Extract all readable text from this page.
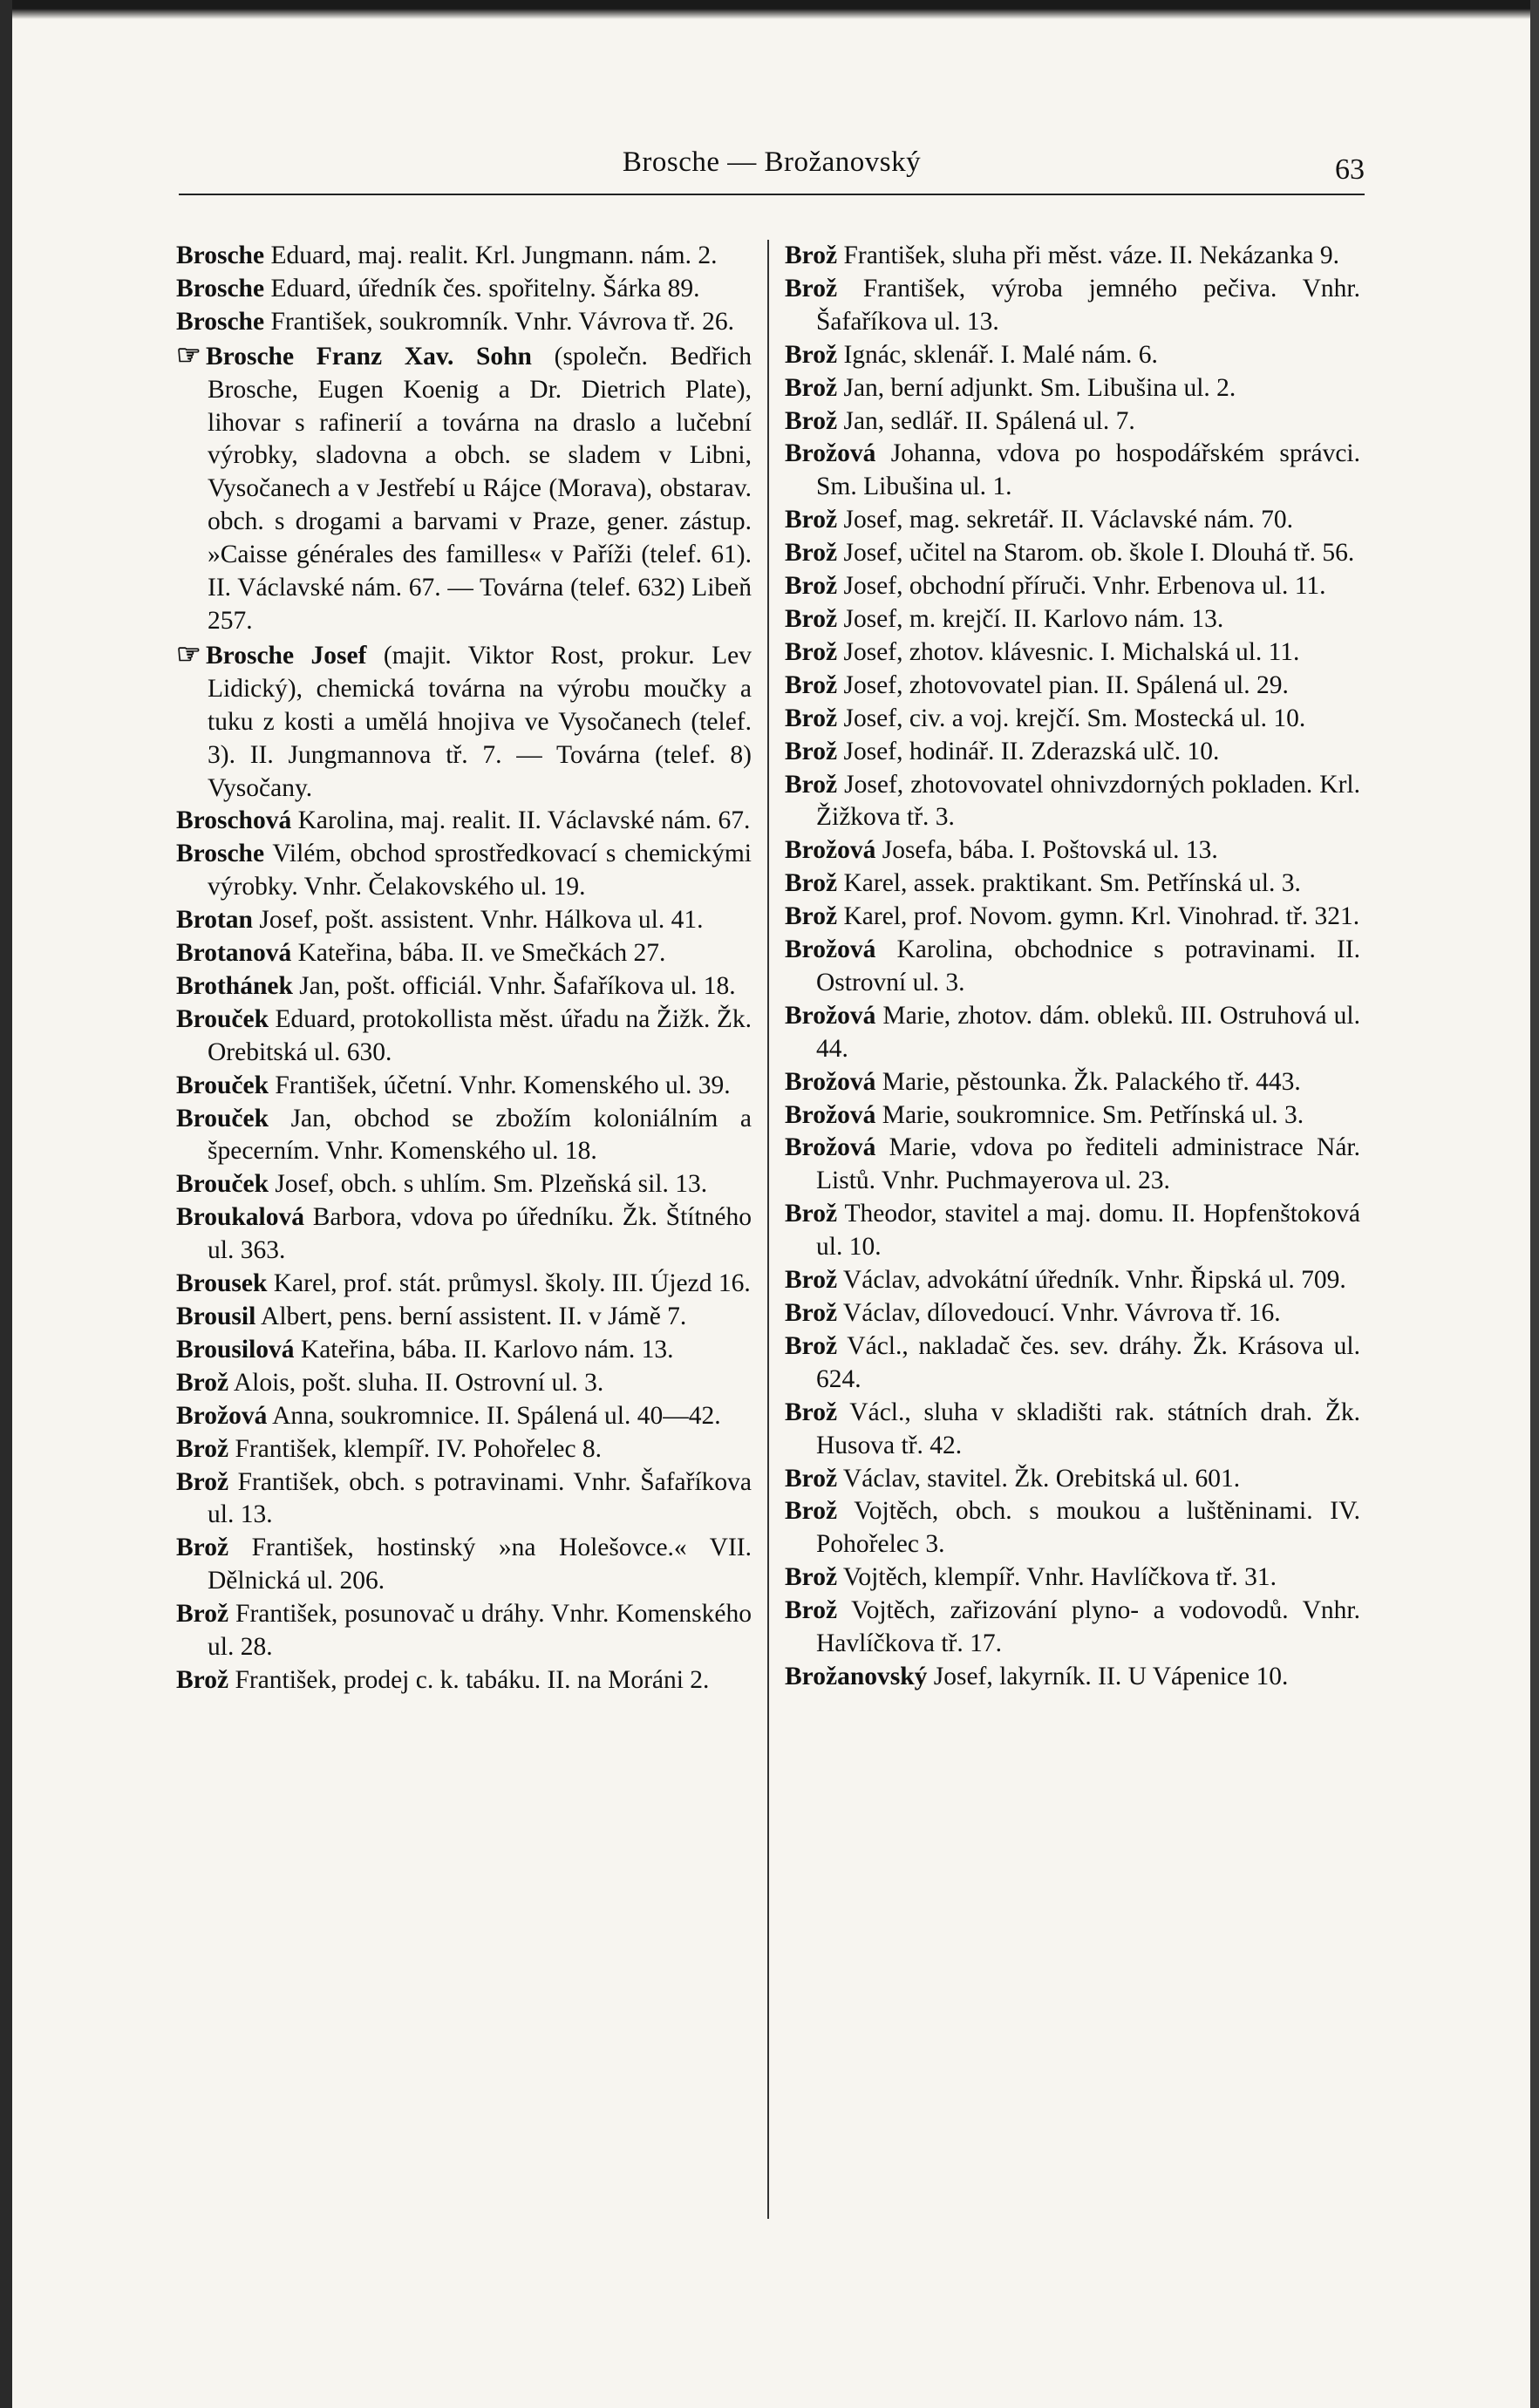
Brosche — Brožanovský	63

Brosche Eduard, maj. realit. Krl. Jungmann. nám. 2.

Brosche Eduard, úředník čes. spořitelny. Šárka 89.

Brosche František, soukromník. Vnhr. Vávrova tř. 26.

☞ Brosche Franz Xav. Sohn (společn. Bedřich Brosche, Eugen Koenig a Dr. Dietrich Plate), lihovar s rafinerií a továrna na draslo a lučební výrobky, sladovna a obch. se sladem v Libni, Vysočanech a v Jestřebí u Rájce (Morava), obstarav. obch. s drogami a barvami v Praze, gener. zástup. »Caisse générales des familles« v Paříži (telef. 61). II. Václavské nám. 67. — Továrna (telef. 632) Libeň 257.

☞ Brosche Josef (majit. Viktor Rost, prokur. Lev Lidický), chemická továrna na výrobu moučky a tuku z kosti a umělá hnojiva ve Vysočanech (telef. 3). II. Jungmannova tř. 7. — Továrna (telef. 8) Vysočany.

Broschová Karolina, maj. realit. II. Václavské nám. 67.

Brosche Vilém, obchod sprostředkovací s chemickými výrobky. Vnhr. Čelakovského ul. 19.

Brotan Josef, pošt. assistent. Vnhr. Hálkova ul. 41.

Brotanová Kateřina, bába. II. ve Smečkách 27.

Brothánek Jan, pošt. officiál. Vnhr. Šafaříkova ul. 18.

Brouček Eduard, protokollista měst. úřadu na Žižk. Žk. Orebitská ul. 630.

Brouček František, účetní. Vnhr. Komenského ul. 39.

Brouček Jan, obchod se zbožím koloniálním a špecerním. Vnhr. Komenského ul. 18.

Brouček Josef, obch. s uhlím. Sm. Plzeňská sil. 13.

Broukalová Barbora, vdova po úředníku. Žk. Štítného ul. 363.

Brousek Karel, prof. stát. průmysl. školy. III. Újezd 16.

Brousil Albert, pens. berní assistent. II. v Jámě 7.

Brousilová Kateřina, bába. II. Karlovo nám. 13.

Brož Alois, pošt. sluha. II. Ostrovní ul. 3.

Brožová Anna, soukromnice. II. Spálená ul. 40—42.

Brož František, klempíř. IV. Pohořelec 8.

Brož František, obch. s potravinami. Vnhr. Šafaříkova ul. 13.

Brož František, hostinský »na Holešovce.« VII. Dělnická ul. 206.

Brož František, posunovač u dráhy. Vnhr. Komenského ul. 28.

Brož František, prodej c. k. tabáku. II. na Moráni 2.

Brož František, sluha při měst. váze. II. Nekázanka 9.

Brož František, výroba jemného pečiva. Vnhr. Šafaříkova ul. 13.

Brož Ignác, sklenář. I. Malé nám. 6.

Brož Jan, berní adjunkt. Sm. Libušina ul. 2.

Brož Jan, sedlář. II. Spálená ul. 7.

Brožová Johanna, vdova po hospodářském správci. Sm. Libušina ul. 1.

Brož Josef, mag. sekretář. II. Václavské nám. 70.

Brož Josef, učitel na Starom. ob. škole I. Dlouhá tř. 56.

Brož Josef, obchodní příruči. Vnhr. Erbenova ul. 11.

Brož Josef, m. krejčí. II. Karlovo nám. 13.

Brož Josef, zhotov. klávesnic. I. Michalská ul. 11.

Brož Josef, zhotovovatel pian. II. Spálená ul. 29.

Brož Josef, civ. a voj. krejčí. Sm. Mostecká ul. 10.

Brož Josef, hodinář. II. Zderazská ulč. 10.

Brož Josef, zhotovovatel ohnivzdorných pokladen. Krl. Žižkova tř. 3.

Brožová Josefa, bába. I. Poštovská ul. 13.

Brož Karel, assek. praktikant. Sm. Petřínská ul. 3.

Brož Karel, prof. Novom. gymn. Krl. Vinohrad. tř. 321.

Brožová Karolina, obchodnice s potravinami. II. Ostrovní ul. 3.

Brožová Marie, zhotov. dám. obleků. III. Ostruhová ul. 44.

Brožová Marie, pěstounka. Žk. Palackého tř. 443.

Brožová Marie, soukromnice. Sm. Petřínská ul. 3.

Brožová Marie, vdova po řediteli administrace Nár. Listů. Vnhr. Puchmayerova ul. 23.

Brož Theodor, stavitel a maj. domu. II. Hopfenštoková ul. 10.

Brož Václav, advokátní úředník. Vnhr. Řipská ul. 709.

Brož Václav, dílovedoucí. Vnhr. Vávrova tř. 16.

Brož Václ., nakladač čes. sev. dráhy. Žk. Krásova ul. 624.

Brož Václ., sluha v skladišti rak. státních drah. Žk. Husova tř. 42.

Brož Václav, stavitel. Žk. Orebitská ul. 601.

Brož Vojtěch, obch. s moukou a luštěninami. IV. Pohořelec 3.

Brož Vojtěch, klempíř. Vnhr. Havlíčkova tř. 31.

Brož Vojtěch, zařizování plyno- a vodovodů. Vnhr. Havlíčkova tř. 17.

Brožanovský Josef, lakyrník. II. U Vápenice 10.
